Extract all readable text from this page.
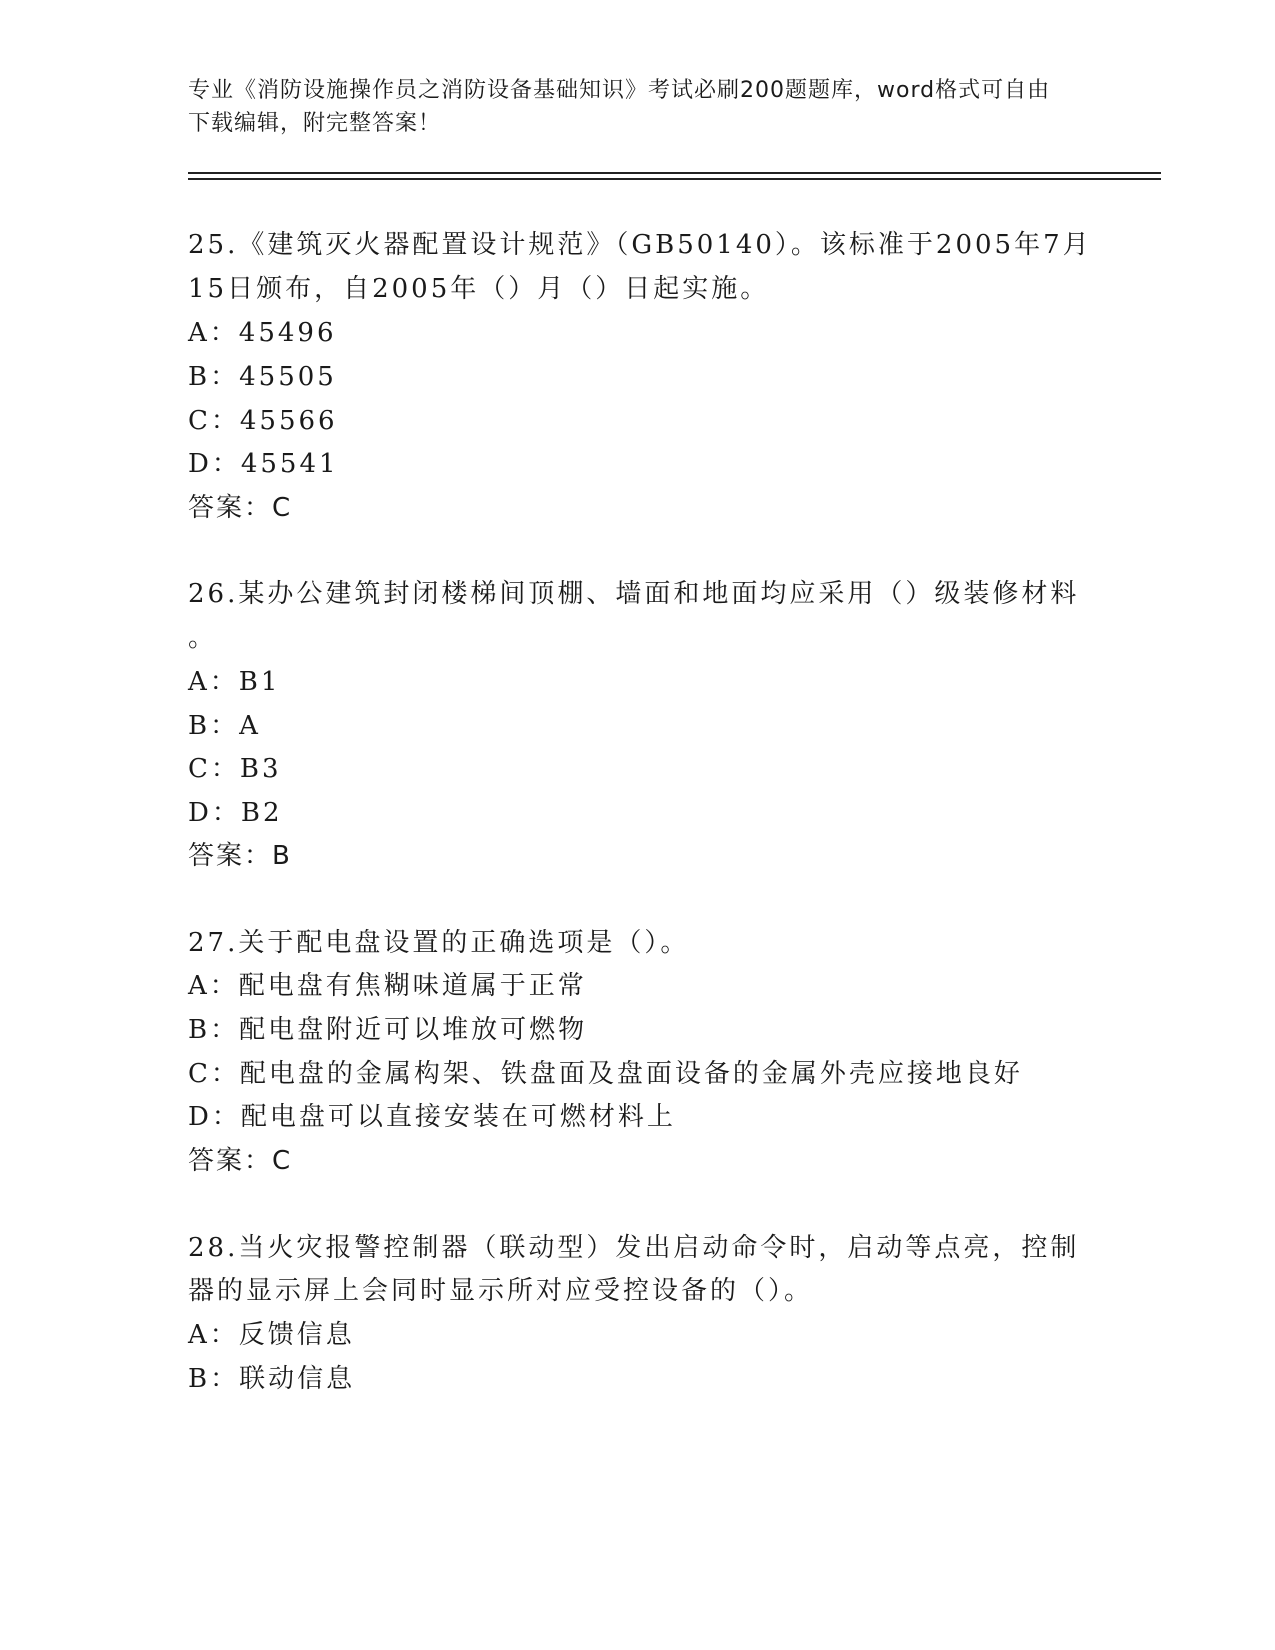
专业《消防设施操作员之消防设备基础知识》考试必刷200题题库，word格式可自由下载编辑，附完整答案！
25.《建筑灭火器配置设计规范》（GB50140）。该标准于2005年7月
15日颁布，自2005年（）月（）日起实施。
A：45496
B：45505
C：45566
D：45541
答案：C
26.某办公建筑封闭楼梯间顶棚、墙面和地面均应采用（）级装修材料
。
A：B1
B：A
C：B3
D：B2
答案：B
27.关于配电盘设置的正确选项是（）。
A：配电盘有焦糊味道属于正常
B：配电盘附近可以堆放可燃物
C：配电盘的金属构架、铁盘面及盘面设备的金属外壳应接地良好
D：配电盘可以直接安装在可燃材料上
答案：C
28.当火灾报警控制器（联动型）发出启动命令时，启动等点亮，控制
器的显示屏上会同时显示所对应受控设备的（）。
A：反馈信息
B：联动信息
